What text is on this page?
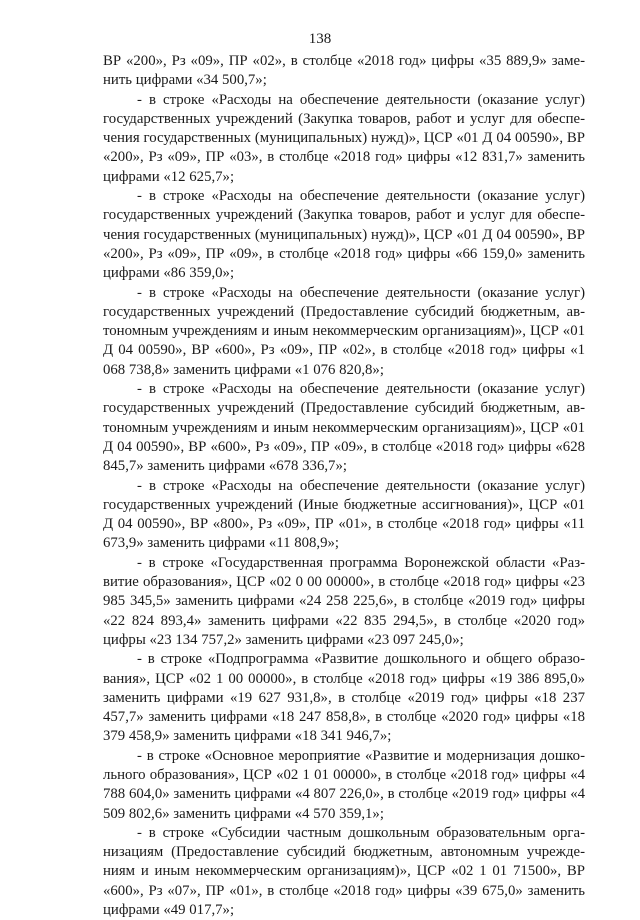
138

ВР «200», Рз «09», ПР «02», в столбце «2018 год» цифры «35 889,9» заменить цифрами «34 500,7»;

- в строке «Расходы на обеспечение деятельности (оказание услуг) государственных учреждений (Закупка товаров, работ и услуг для обеспечения государственных (муниципальных) нужд)», ЦСР «01 Д 04 00590», ВР «200», Рз «09», ПР «03», в столбце «2018 год» цифры «12 831,7» заменить цифрами «12 625,7»;

- в строке «Расходы на обеспечение деятельности (оказание услуг) государственных учреждений (Закупка товаров, работ и услуг для обеспечения государственных (муниципальных) нужд)», ЦСР «01 Д 04 00590», ВР «200», Рз «09», ПР «09», в столбце «2018 год» цифры «66 159,0» заменить цифрами «86 359,0»;

- в строке «Расходы на обеспечение деятельности (оказание услуг) государственных учреждений (Предоставление субсидий бюджетным, автономным учреждениям и иным некоммерческим организациям)», ЦСР «01 Д 04 00590», ВР «600», Рз «09», ПР «02», в столбце «2018 год» цифры «1 068 738,8» заменить цифрами «1 076 820,8»;

- в строке «Расходы на обеспечение деятельности (оказание услуг) государственных учреждений (Предоставление субсидий бюджетным, автономным учреждениям и иным некоммерческим организациям)», ЦСР «01 Д 04 00590», ВР «600», Рз «09», ПР «09», в столбце «2018 год» цифры «628 845,7» заменить цифрами «678 336,7»;

- в строке «Расходы на обеспечение деятельности (оказание услуг) государственных учреждений (Иные бюджетные ассигнования)», ЦСР «01 Д 04 00590», ВР «800», Рз «09», ПР «01», в столбце «2018 год» цифры «11 673,9» заменить цифрами «11 808,9»;

- в строке «Государственная программа Воронежской области «Развитие образования», ЦСР «02 0 00 00000», в столбце «2018 год» цифры «23 985 345,5» заменить цифрами «24 258 225,6», в столбце «2019 год» цифры «22 824 893,4» заменить цифрами «22 835 294,5», в столбце «2020 год» цифры «23 134 757,2» заменить цифрами «23 097 245,0»;

- в строке «Подпрограмма «Развитие дошкольного и общего образования», ЦСР «02 1 00 00000», в столбце «2018 год» цифры «19 386 895,0» заменить цифрами «19 627 931,8», в столбце «2019 год» цифры «18 237 457,7» заменить цифрами «18 247 858,8», в столбце «2020 год» цифры «18 379 458,9» заменить цифрами «18 341 946,7»;

- в строке «Основное мероприятие «Развитие и модернизация дошкольного образования», ЦСР «02 1 01 00000», в столбце «2018 год» цифры «4 788 604,0» заменить цифрами «4 807 226,0», в столбце «2019 год» цифры «4 509 802,6» заменить цифрами «4 570 359,1»;

- в строке «Субсидии частным дошкольным образовательным организациям (Предоставление субсидий бюджетным, автономным учреждениям и иным некоммерческим организациям)», ЦСР «02 1 01 71500», ВР «600», Рз «07», ПР «01», в столбце «2018 год» цифры «39 675,0» заменить цифрами «49 017,7»;
